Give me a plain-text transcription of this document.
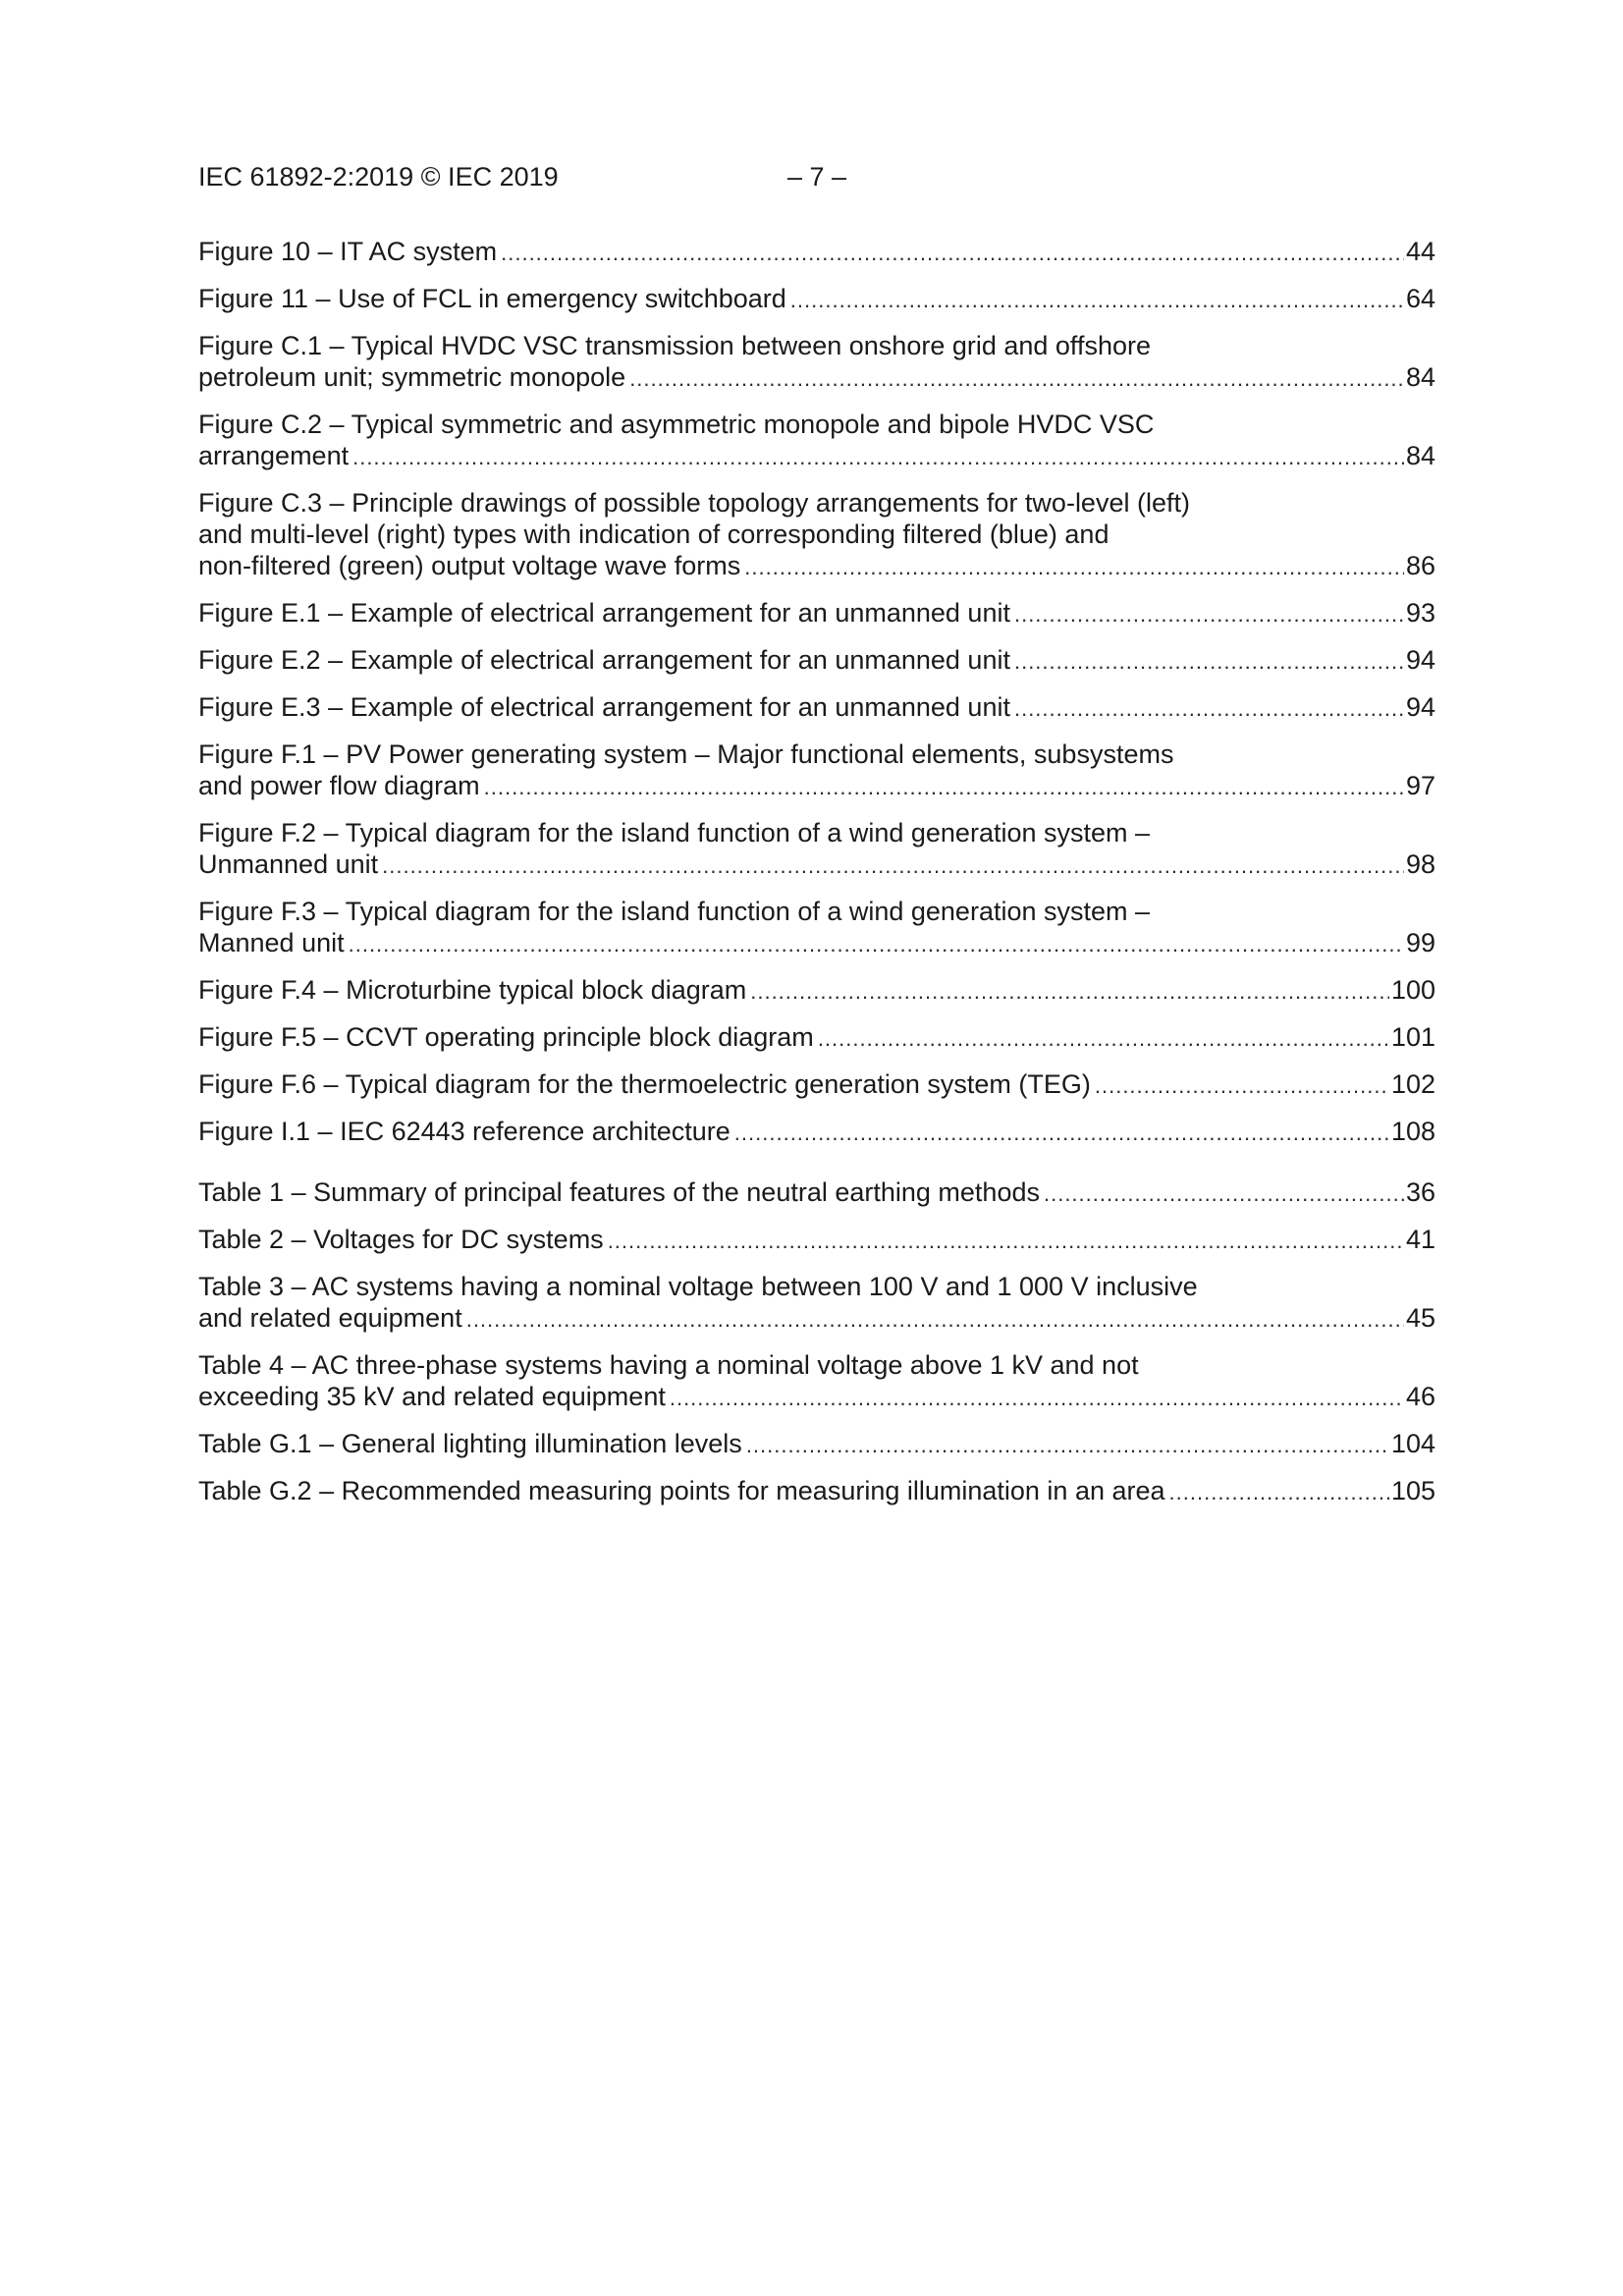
IEC 61892-2:2019 © IEC 2019	– 7 –
Figure 10 – IT AC system .....	44
Figure 11 – Use of FCL in emergency switchboard .....	64
Figure C.1 – Typical HVDC VSC transmission between onshore grid and offshore
petroleum unit; symmetric monopole .....	84
Figure C.2 – Typical symmetric and asymmetric monopole and bipole HVDC VSC
arrangement .....	84
Figure C.3 – Principle drawings of possible topology arrangements for two-level (left)
and multi-level (right) types with indication of corresponding filtered (blue) and
non-filtered (green) output voltage wave forms .....	86
Figure E.1 – Example of electrical arrangement for an unmanned unit .....	93
Figure E.2 – Example of electrical arrangement for an unmanned unit .....	94
Figure E.3 – Example of electrical arrangement for an unmanned unit .....	94
Figure F.1 – PV Power generating system – Major functional elements, subsystems
and power flow diagram .....	97
Figure F.2 – Typical diagram for the island function of a wind generation system –
Unmanned unit .....	98
Figure F.3 – Typical diagram for the island function of a wind generation system –
Manned unit .....	99
Figure F.4 – Microturbine typical block diagram .....	100
Figure F.5 – CCVT operating principle block diagram .....	101
Figure F.6 – Typical diagram for the thermoelectric generation system (TEG) .....	102
Figure I.1 – IEC 62443 reference architecture .....	108
Table 1 – Summary of principal features of the neutral earthing methods .....	36
Table 2 – Voltages for DC systems .....	41
Table 3 – AC systems having a nominal voltage between 100 V and 1 000 V inclusive
and related equipment .....	45
Table 4 – AC three-phase systems having a nominal voltage above 1 kV and not
exceeding 35 kV and related equipment .....	46
Table G.1 – General lighting illumination levels .....	104
Table G.2 – Recommended measuring points for measuring illumination in an area .....	105
